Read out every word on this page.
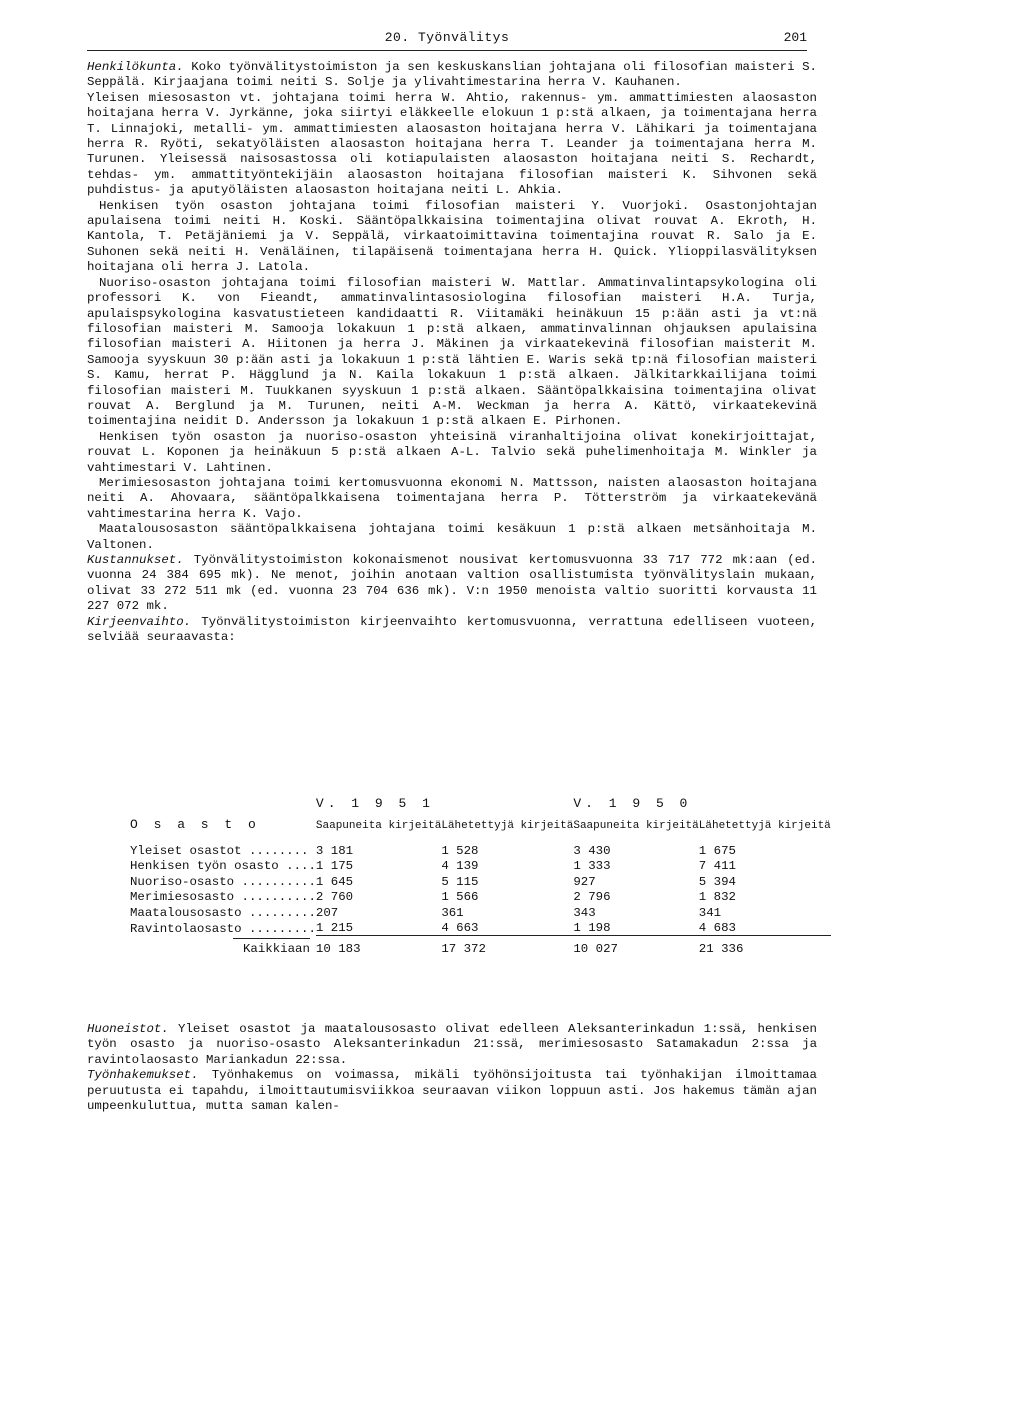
20. Työnvälitys	201

Henkilökunta. Koko työnvälitystoimiston ja sen keskuskanslian johtajana oli filosofian maisteri S. Seppälä. Kirjaajana toimi neiti S. Solje ja ylivahtimestarina herra V. Kauhanen.

Yleisen miesosaston vt. johtajana toimi herra W. Ahtio, rakennus- ym. ammattimiesten alaosaston hoitajana herra V. Jyrkänne, joka siirtyi eläkkeelle elokuun 1 p:stä alkaen, ja toimentajana herra T. Linnajoki, metalli- ym. ammattimiesten alaosaston hoitajana herra V. Lähikari ja toimentajana herra R. Ryöti, sekatyöläisten alaosaston hoitajana herra T. Leander ja toimentajana herra M. Turunen. Yleisessä naisosastossa oli kotiapulaisten alaosaston hoitajana neiti S. Rechardt, tehdas- ym. ammattityöntekijäin alaosaston hoitajana filosofian maisteri K. Sihvonen sekä puhdistus- ja aputyöläisten alaosaston hoitajana neiti L. Ahkia.

Henkisen työn osaston johtajana toimi filosofian maisteri Y. Vuorjoki. Osastonjohtajan apulaisena toimi neiti H. Koski. Sääntöpalkkaisina toimentajina olivat rouvat A. Ekroth, H. Kantola, T. Petäjäniemi ja V. Seppälä, virkaatoimittavina toimentajina rouvat R. Salo ja E. Suhonen sekä neiti H. Venäläinen, tilapäisenä toimentajana herra H. Quick. Ylioppilasvälityksen hoitajana oli herra J. Latola.

Nuoriso-osaston johtajana toimi filosofian maisteri W. Mattlar. Ammatinvalintapsykologina oli professori K. von Fieandt, ammatinvalintasosiologina filosofian maisteri H.A. Turja, apulaispsykologina kasvatustieteen kandidaatti R. Viitamäki heinäkuun 15 p:ään asti ja vt:nä filosofian maisteri M. Samooja lokakuun 1 p:stä alkaen, ammatinvalinnan ohjauksen apulaisina filosofian maisteri A. Hiitonen ja herra J. Mäkinen ja virkaatekevinä filosofian maisterit M. Samooja syyskuun 30 p:ään asti ja lokakuun 1 p:stä lähtien E. Waris sekä tp:nä filosofian maisteri S. Kamu, herrat P. Hägglund ja N. Kaila lokakuun 1 p:stä alkaen. Jälkitarkkailijana toimi filosofian maisteri M. Tuukkanen syyskuun 1 p:stä alkaen. Sääntöpalkkaisina toimentajina olivat rouvat A. Berglund ja M. Turunen, neiti A-M. Weckman ja herra A. Kättö, virkaatekevinä toimentajina neidit D. Andersson ja lokakuun 1 p:stä alkaen E. Pirhonen.

Henkisen työn osaston ja nuoriso-osaston yhteisinä viranhaltijoina olivat konekirjoittajat, rouvat L. Koponen ja heinäkuun 5 p:stä alkaen A-L. Talvio sekä puhelimenhoitaja M. Winkler ja vahtimestari V. Lahtinen.

Merimiesosaston johtajana toimi kertomusvuonna ekonomi N. Mattsson, naisten alaosaston hoitajana neiti A. Ahovaara, sääntöpalkkaisena toimentajana herra P. Tötterström ja virkaatekevänä vahtimestarina herra K. Vajo.

Maatalousosaston sääntöpalkkaisena johtajana toimi kesäkuun 1 p:stä alkaen metsänhoitaja M. Valtonen.

Kustannukset. Työnvälitystoimiston kokonaismenot nousivat kertomusvuonna 33 717 772 mk:aan (ed. vuonna 24 384 695 mk). Ne menot, joihin anotaan valtion osallistumista työnvälityslain mukaan, olivat 33 272 511 mk (ed. vuonna 23 704 636 mk). V:n 1950 menoista valtio suoritti korvausta 11 227 072 mk.

Kirjeenvaihto. Työnvälitystoimiston kirjeenvaihto kertomusvuonna, verrattuna edelliseen vuoteen, selviää seuraavasta:

O s a s t o	V. 1 9 5 1		V. 1 9 5 0	
	Saapuneita kirjeitä	Lähetettyjä kirjeitä	Saapuneita kirjeitä	Lähetettyjä kirjeitä

Yleiset osastot ........	3 181	1 528	3 430	1 675
Henkisen työn osasto ....	1 175	4 139	1 333	7 411
Nuoriso-osasto ..........	1 645	5 115	927	5 394
Merimiesosasto ..........	2 760	1 566	2 796	1 832
Maatalousosasto .........	207	361	343	341
Ravintolaosasto .........	1 215	4 663	1 198	4 683
Kaikkiaan	10 183	17 372	10 027	21 336

Huoneistot. Yleiset osastot ja maatalousosasto olivat edelleen Aleksanterinkadun 1:ssä, henkisen työn osasto ja nuoriso-osasto Aleksanterinkadun 21:ssä, merimiesosasto Satamakadun 2:ssa ja ravintolaosasto Mariankadun 22:ssa.

Työnhakemukset. Työnhakemus on voimassa, mikäli työhönsijoitusta tai työnhakijan ilmoittamaa peruutusta ei tapahdu, ilmoittautumisviikkoa seuraavan viikon loppuun asti. Jos hakemus tämän ajan umpeenkuluttua, mutta saman kalen-
